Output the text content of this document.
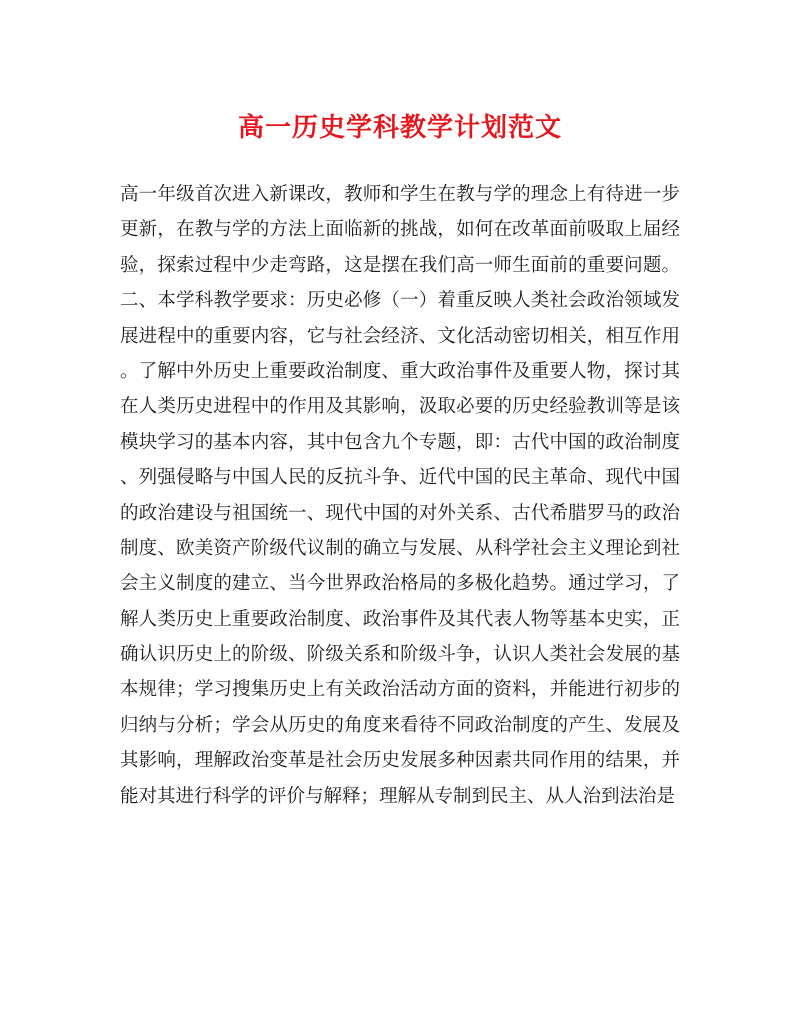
高一历史学科教学计划范文
高一年级首次进入新课改，教师和学生在教与学的理念上有待进一步
更新，在教与学的方法上面临新的挑战，如何在改革面前吸取上届经
验，探索过程中少走弯路，这是摆在我们高一师生面前的重要问题。
二、本学科教学要求：历史必修（一）着重反映人类社会政治领域发
展进程中的重要内容，它与社会经济、文化活动密切相关，相互作用
。了解中外历史上重要政治制度、重大政治事件及重要人物，探讨其
在人类历史进程中的作用及其影响，汲取必要的历史经验教训等是该
模块学习的基本内容，其中包含九个专题，即：古代中国的政治制度
、列强侵略与中国人民的反抗斗争、近代中国的民主革命、现代中国
的政治建设与祖国统一、现代中国的对外关系、古代希腊罗马的政治
制度、欧美资产阶级代议制的确立与发展、从科学社会主义理论到社
会主义制度的建立、当今世界政治格局的多极化趋势。通过学习，了
解人类历史上重要政治制度、政治事件及其代表人物等基本史实，正
确认识历史上的阶级、阶级关系和阶级斗争，认识人类社会发展的基
本规律；学习搜集历史上有关政治活动方面的资料，并能进行初步的
归纳与分析；学会从历史的角度来看待不同政治制度的产生、发展及
其影响，理解政治变革是社会历史发展多种因素共同作用的结果，并
能对其进行科学的评价与解释；理解从专制到民主、从人治到法治是
